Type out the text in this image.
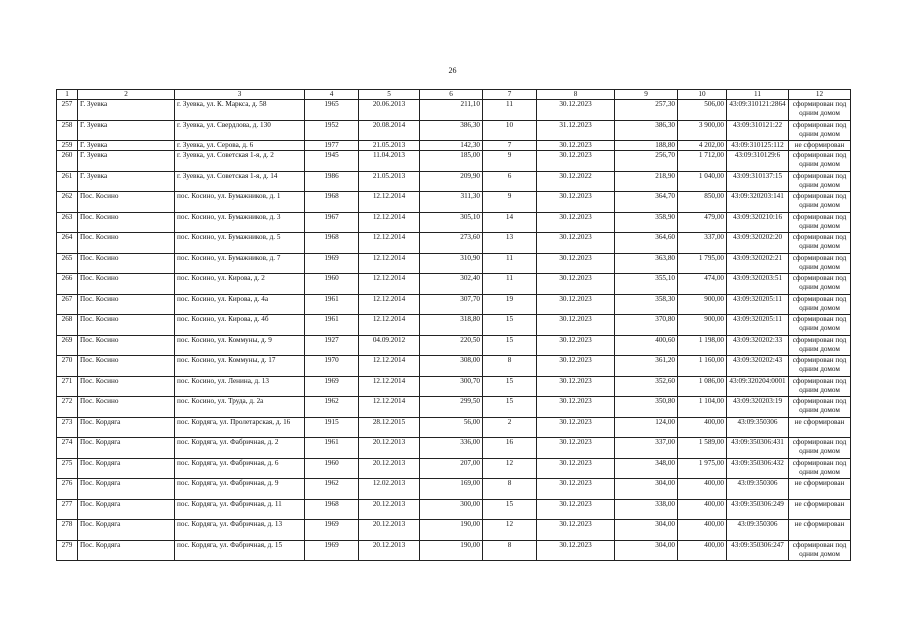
26
1	2	3	4	5	6	7	8	9	10	11	12
257	Г. Зуевка	г. Зуевка, ул. К. Маркса, д. 58	1965	20.06.2013	211,10	11	30.12.2023	257,30	506,00	43:09:310121:2864	сформирован под одним домом
258	Г. Зуевка	г. Зуевка, ул. Свердлова, д. 130	1952	20.08.2014	386,30	10	31.12.2023	386,30	3 900,00	43:09:310121:22	сформирован под одним домом
259	Г. Зуевка	г. Зуевка, ул. Серова, д. 6	1977	21.05.2013	142,30	7	30.12.2023	188,80	4 202,00	43:09:310125:112	не сформирован
260	Г. Зуевка	г. Зуевка, ул. Советская 1-я, д. 2	1945	11.04.2013	185,00	9	30.12.2023	256,70	1 712,00	43:09:310129:6	сформирован под одним домом
261	Г. Зуевка	г. Зуевка, ул. Советская 1-я, д. 14	1986	21.05.2013	209,90	6	30.12.2022	218,90	1 040,00	43:09:310137:15	сформирован под одним домом
262	Пос. Косино	пос. Косино, ул. Бумажников, д. 1	1968	12.12.2014	311,30	9	30.12.2023	364,70	850,00	43:09:320203:141	сформирован под одним домом
263	Пос. Косино	пос. Косино, ул. Бумажников, д. 3	1967	12.12.2014	305,10	14	30.12.2023	358,90	479,00	43:09:320210:16	сформирован под одним домом
264	Пос. Косино	пос. Косино, ул. Бумажников, д. 5	1968	12.12.2014	273,60	13	30.12.2023	364,60	337,00	43:09:320202:20	сформирован под одним домом
265	Пос. Косино	пос. Косино, ул. Бумажников, д. 7	1969	12.12.2014	310,90	11	30.12.2023	363,80	1 795,00	43:09:320202:21	сформирован под одним домом
266	Пос. Косино	пос. Косино, ул. Кирова, д. 2	1960	12.12.2014	302,40	11	30.12.2023	355,10	474,00	43:09:320203:51	сформирован под одним домом
267	Пос. Косино	пос. Косино, ул. Кирова, д. 4а	1961	12.12.2014	307,70	19	30.12.2023	358,30	900,00	43:09:320205:11	сформирован под одним домом
268	Пос. Косино	пос. Косино, ул. Кирова, д. 4б	1961	12.12.2014	318,80	15	30.12.2023	370,80	900,00	43:09:320205:11	сформирован под одним домом
269	Пос. Косино	пос. Косино, ул. Коммуны, д. 9	1927	04.09.2012	220,50	15	30.12.2023	400,60	1 198,00	43:09:320202:33	сформирован под одним домом
270	Пос. Косино	пос. Косино, ул. Коммуны, д. 17	1970	12.12.2014	308,00	8	30.12.2023	361,20	1 160,00	43:09:320202:43	сформирован под одним домом
271	Пос. Косино	пос. Косино, ул. Ленина, д. 13	1969	12.12.2014	300,70	15	30.12.2023	352,60	1 086,00	43:09:320204:0001	сформирован под одним домом
272	Пос. Косино	пос. Косино, ул. Труда, д. 2а	1962	12.12.2014	299,50	15	30.12.2023	350,80	1 104,00	43:09:320203:19	сформирован под одним домом
273	Пос. Кордяга	пос. Кордяга, ул. Пролетарская, д. 16	1915	28.12.2015	56,00	2	30.12.2023	124,00	400,00	43:09:350306	не сформирован
274	Пос. Кордяга	пос. Кордяга, ул. Фабричная, д. 2	1961	20.12.2013	336,00	16	30.12.2023	337,00	1 589,00	43:09:350306:431	сформирован под одним домом
275	Пос. Кордяга	пос. Кордяга, ул. Фабричная, д. 6	1960	20.12.2013	207,00	12	30.12.2023	348,00	1 975,00	43:09:350306:432	сформирован под одним домом
276	Пос. Кордяга	пос. Кордяга, ул. Фабричная, д. 9	1962	12.02.2013	169,00	8	30.12.2023	304,00	400,00	43:09:350306	не сформирован
277	Пос. Кордяга	пос. Кордяга, ул. Фабричная, д. 11	1968	20.12.2013	300,00	15	30.12.2023	338,00	400,00	43:09:350306:249	не сформирован
278	Пос. Кордяга	пос. Кордяга, ул. Фабричная, д. 13	1969	20.12.2013	190,00	12	30.12.2023	304,00	400,00	43:09:350306	не сформирован
279	Пос. Кордяга	пос. Кордяга, ул. Фабричная, д. 15	1969	20.12.2013	190,00	8	30.12.2023	304,00	400,00	43:09:350306:247	сформирован под одним домом
